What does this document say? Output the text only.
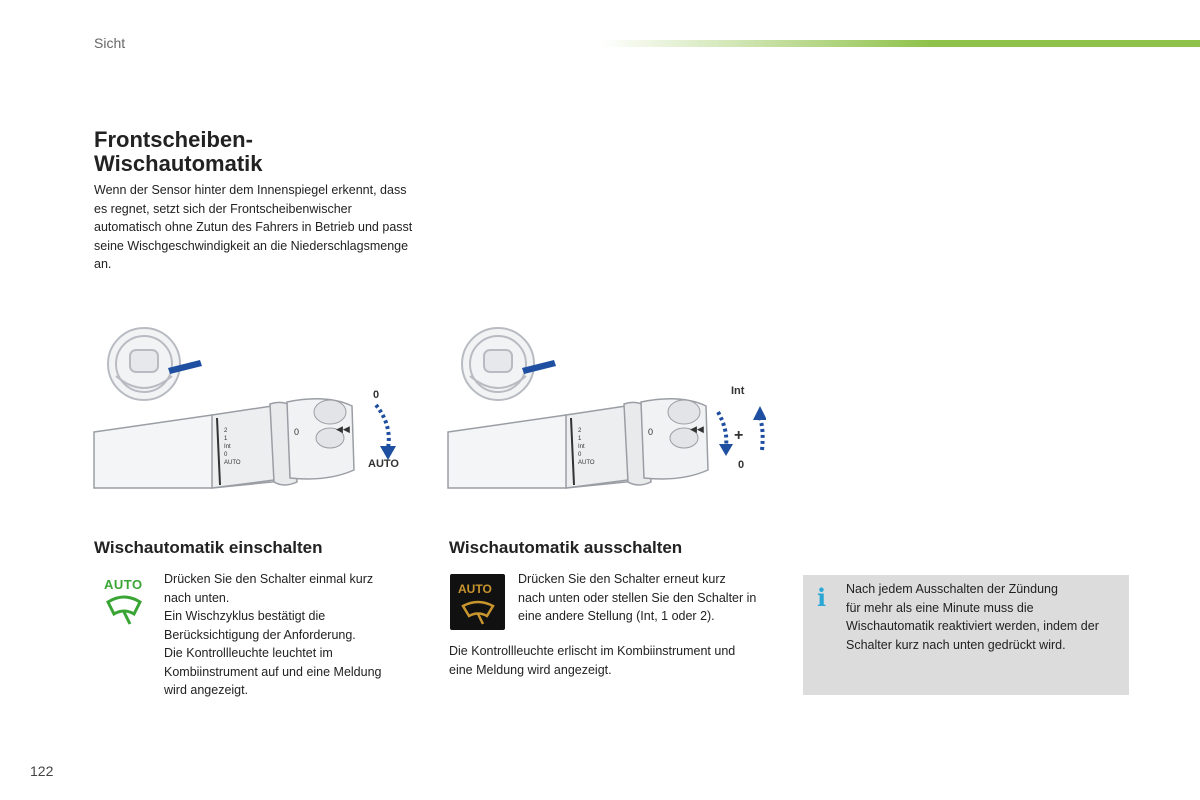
Sicht
Frontscheiben-
Wischautomatik
Wenn der Sensor hinter dem Innenspiegel erkennt, dass es regnet, setzt sich der Frontscheibenwischer automatisch ohne Zutun des Fahrers in Betrieb und passt seine Wischgeschwindigkeit an die Niederschlagsmenge an.
◀◀
0
2
1
Int
0
AUTO
0
AUTO
◀◀
0
2
1
Int
0
AUTO
Int
+
0
Wischautomatik einschalten	Wischautomatik ausschalten
AUTO Drücken Sie den Schalter einmal kurz
nach unten.
Ein Wischzyklus bestätigt die
Berücksichtigung der Anforderung.
Die Kontrollleuchte leuchtet im
Kombiinstrument auf und eine Meldung
wird angezeigt.
AUTO
Drücken Sie den Schalter erneut kurz
nach unten oder stellen Sie den Schalter in
eine andere Stellung (Int, 1 oder 2).
Die Kontrollleuchte erlischt im Kombiinstrument und
eine Meldung wird angezeigt.
i Nach jedem Ausschalten der Zündung
für mehr als eine Minute muss die
Wischautomatik reaktiviert werden, indem der
Schalter kurz nach unten gedrückt wird.
122
